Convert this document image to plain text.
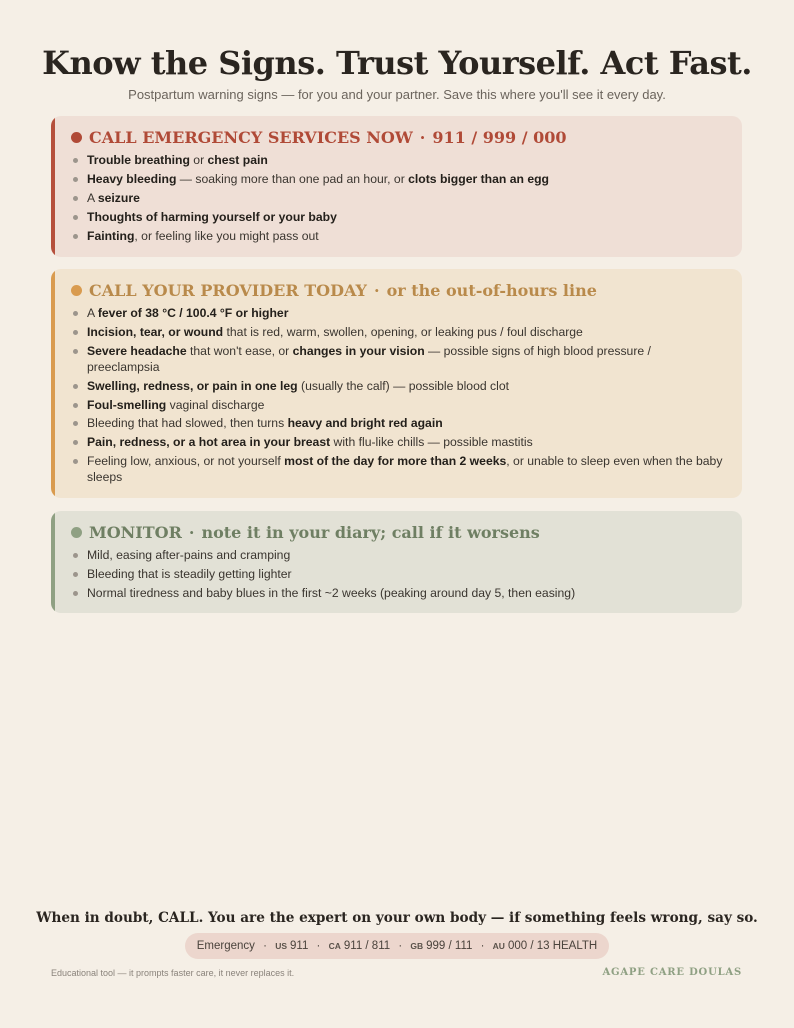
Know the Signs. Trust Yourself. Act Fast.
Postpartum warning signs — for you and your partner. Save this where you'll see it every day.
CALL EMERGENCY SERVICES NOW · 911 / 999 / 000
Trouble breathing or chest pain
Heavy bleeding — soaking more than one pad an hour, or clots bigger than an egg
A seizure
Thoughts of harming yourself or your baby
Fainting, or feeling like you might pass out
CALL YOUR PROVIDER TODAY · or the out-of-hours line
A fever of 38 °C / 100.4 °F or higher
Incision, tear, or wound that is red, warm, swollen, opening, or leaking pus / foul discharge
Severe headache that won't ease, or changes in your vision — possible signs of high blood pressure / preeclampsia
Swelling, redness, or pain in one leg (usually the calf) — possible blood clot
Foul-smelling vaginal discharge
Bleeding that had slowed, then turns heavy and bright red again
Pain, redness, or a hot area in your breast with flu-like chills — possible mastitis
Feeling low, anxious, or not yourself most of the day for more than 2 weeks, or unable to sleep even when the baby sleeps
MONITOR · note it in your diary; call if it worsens
Mild, easing after-pains and cramping
Bleeding that is steadily getting lighter
Normal tiredness and baby blues in the first ~2 weeks (peaking around day 5, then easing)
When in doubt, CALL. You are the expert on your own body — if something feels wrong, say so.
Emergency · US 911 · CA 911 / 811 · GB 999 / 111 · AU 000 / 13 HEALTH
Educational tool — it prompts faster care, it never replaces it.	AGAPE CARE DOULAS
